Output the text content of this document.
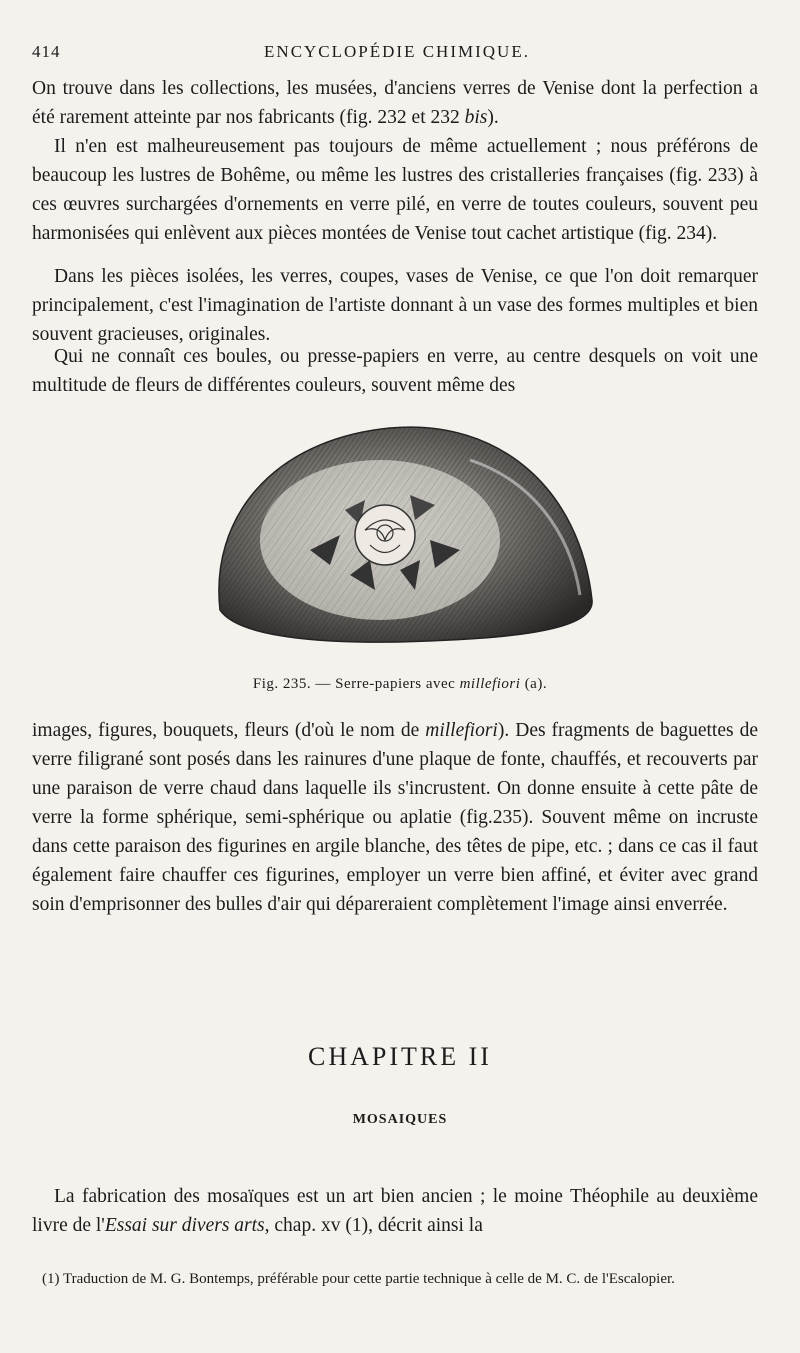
414	ENCYCLOPÉDIE CHIMIQUE.

On trouve dans les collections, les musées, d'anciens verres de Venise dont la perfection a été rarement atteinte par nos fabricants (fig. 232 et 232 bis).

Il n'en est malheureusement pas toujours de même actuellement ; nous préférons de beaucoup les lustres de Bohême, ou même les lustres des cristalleries françaises (fig. 233) à ces œuvres surchargées d'ornements en verre pilé, en verre de toutes couleurs, souvent peu harmonisées qui enlèvent aux pièces montées de Venise tout cachet artistique (fig. 234).

Dans les pièces isolées, les verres, coupes, vases de Venise, ce que l'on doit remarquer principalement, c'est l'imagination de l'artiste donnant à un vase des formes multiples et bien souvent gracieuses, originales.

Qui ne connaît ces boules, ou presse-papiers en verre, au centre desquels on voit une multitude de fleurs de différentes couleurs, souvent même des

Fig. 235. — Serre-papiers avec millefiori (a).

images, figures, bouquets, fleurs (d'où le nom de millefiori). Des fragments de baguettes de verre filigrané sont posés dans les rainures d'une plaque de fonte, chauffés, et recouverts par une paraison de verre chaud dans laquelle ils s'incrustent. On donne ensuite à cette pâte de verre la forme sphérique, semi-sphérique ou aplatie (fig.235). Souvent même on incruste dans cette paraison des figurines en argile blanche, des têtes de pipe, etc. ; dans ce cas il faut également faire chauffer ces figurines, employer un verre bien affiné, et éviter avec grand soin d'emprisonner des bulles d'air qui dépareraient complètement l'image ainsi enverrée.

CHAPITRE II
MOSAIQUES

La fabrication des mosaïques est un art bien ancien ; le moine Théophile au deuxième livre de l'Essai sur divers arts, chap. xv (1), décrit ainsi la

(1) Traduction de M. G. Bontemps, préférable pour cette partie technique à celle de M. C. de l'Escalopier.
